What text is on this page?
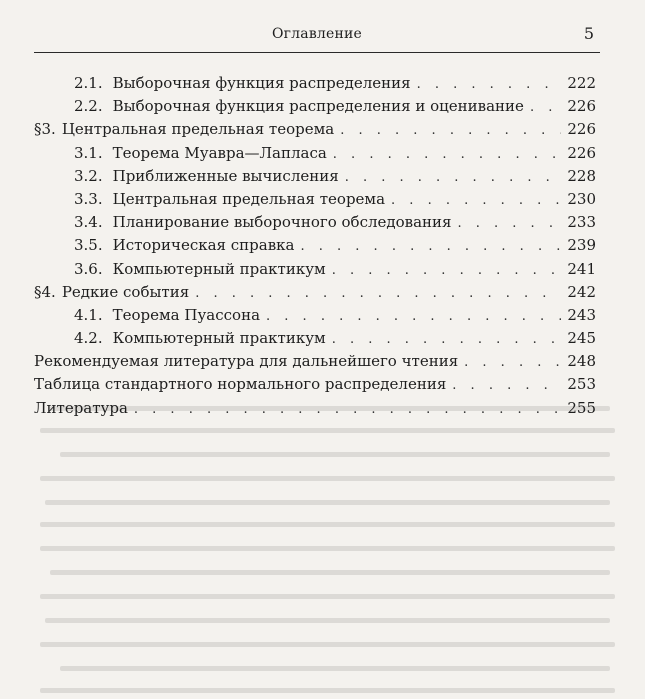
Оглавление	5
2.1. Выборочная функция распределения . . .	222
2.2. Выборочная функция распределения и оценивание . . .	226
§3. Центральная предельная теорема . . .	226
3.1. Теорема Муавра—Лапласа . . .	226
3.2. Приближенные вычисления . . .	228
3.3. Центральная предельная теорема . . .	230
3.4. Планирование выборочного обследования . . .	233
3.5. Историческая справка . . .	239
3.6. Компьютерный практикум . . .	241
§4. Редкие события . . .	242
4.1. Теорема Пуассона . . .	243
4.2. Компьютерный практикум . . .	245
Рекомендуемая литература для дальнейшего чтения . . .	248
Таблица стандартного нормального распределения . . .	253
Литература . . .	255
